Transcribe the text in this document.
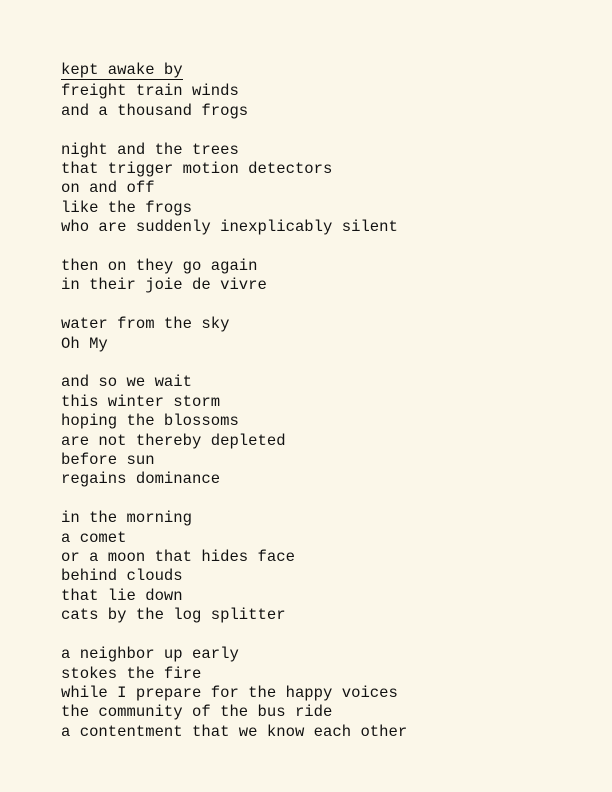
kept awake by
freight train winds
and a thousand frogs
night and the trees
that trigger motion detectors
on and off
like the frogs
who are suddenly inexplicably silent
then on they go again
in their joie de vivre
water from the sky
Oh My
and so we wait
this winter storm
hoping the blossoms
are not thereby depleted
before sun
regains dominance
in the morning
a comet
or a moon that hides face
behind clouds
that lie down
cats by the log splitter
a neighbor up early
stokes the fire
while I prepare for the happy voices
the community of the bus ride
a contentment that we know each other
